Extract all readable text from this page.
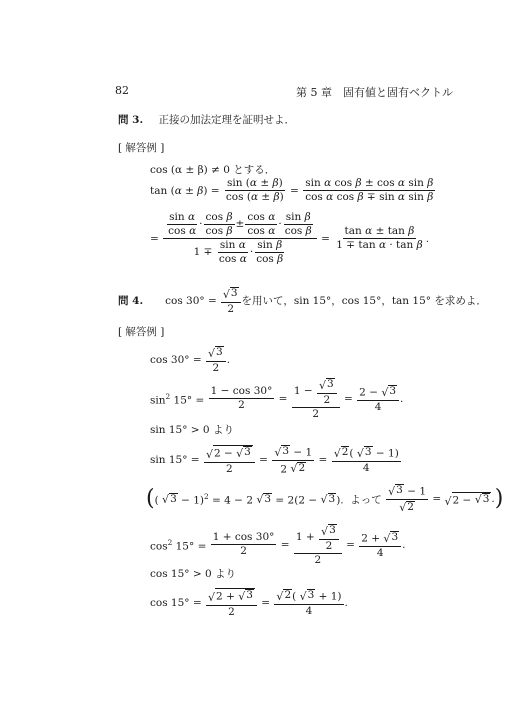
82	第 5 章　固有値と固有ベクトル
問 3. 正接の加法定理を証明せよ．
[ 解答例 ]
cos (α ± β) ≠ 0 とする．
$\tan (\alpha \pm \beta) = \frac{\sin (\alpha \pm \beta)}{\cos (\alpha \pm \beta)} = \frac{\text{sin α cos β ± cos α sin β}}{\text{cos α cos β ∓ sin α sin β}}$
= $\frac{\frac{\text{sin α}}{\text{cos α}} \cdot \frac{\text{cos β}}{\text{cos β}} \pm \frac{\text{cos α}}{\text{cos α}} \cdot \frac{\text{sin β}}{\text{cos β}}}{1 \mp \frac{\text{sin α}}{\text{cos α}} \cdot \frac{\text{sin β}}{\text{cos β}}} = \frac{\text{tan α ± tan β}}{\text{1 ∓ tan α · tan β}}$ .
問 4. $\cos 30^\circ = \frac{√ 3}{2}$ を用いて，sin 15°，cos 15°，tan 15° を求めよ．
[ 解答例 ]
$\cos 30^\circ = \frac{√ 3}{2}$ .
$\sin^2 15^\circ = \frac{1 - \cos 30^\circ}{2} = \frac{1 - \frac{√ 3}{2}}{2} = \frac{2 - √ 3}{4}$ .
sin 15° > 0 より
$\sin 15^\circ = \frac{√ 2 - √ 3}{2} = \frac{√ 3 - 1}{2 √ 2} = \frac{√ 2 ( √ 3 - 1)}{4}$
( ( √ 3 − 1)$^2$ = 4 − 2 √ 3 = 2(2 − √ 3 ). よって
$\frac{√ 3 - 1}{√ 2}$ = √ 2 − √ 3 . )
$\cos^2 15^\circ = \frac{1 + \cos 30^\circ}{2} = \frac{1 + \frac{√ 3}{2}}{2} = \frac{2 + √ 3}{4}$ .
cos 15° > 0 より
$\cos 15^\circ = \frac{√ 2 + √ 3}{2} = \frac{√ 2 ( √ 3 + 1)}{4}$ .
